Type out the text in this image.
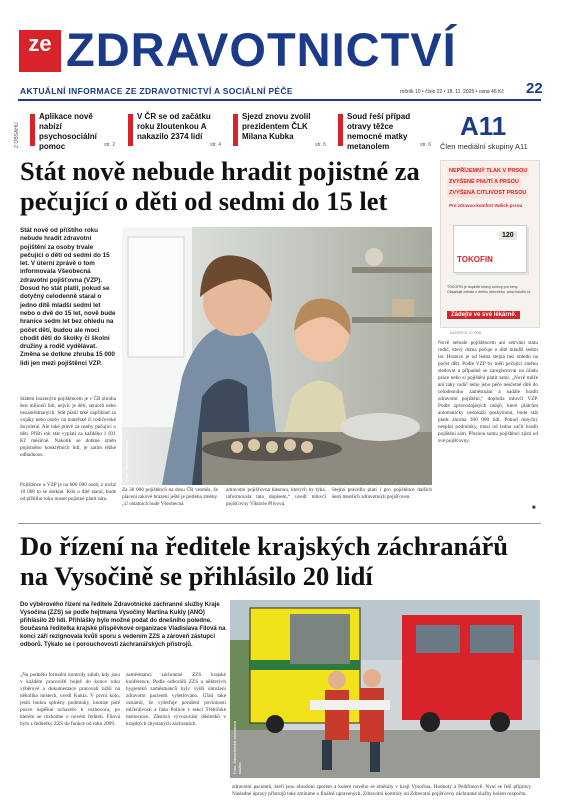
ze ZDRAVOTNICTVÍ
AKTUÁLNÍ INFORMACE ZE ZDRAVOTNICTVÍ A SOCIÁLNÍ PÉČE	ročník 10 • číslo 22 • 18. 11. 2025 • cena 46 Kč 22
Z OBSAHU
Aplikace nově nabízí psychosociální pomoc	str. 2
V ČR se od začátku roku žloutenkou A nakazilo 2374 lidí
str. 4
Sjezd znovu zvolil prezidentem ČLK Milana Kubka
str. 5
Soud řeší případ otravy těžce nemocné matky metanolem	str. 6
A11
Člen mediální skupiny A11
Stát nově nebude hradit pojistné za pečující o děti od sedmi do 15 let

Stát nově od příštího roku nebude hradit zdravotní pojištění za osoby trvale pečující o děti od sedmi do 15 let. V úterní zprávě o tom informovala Všeobecná zdravotní pojišťovna (VZP). Dosud ho stát platil, pokud se dotyčný celodenně staral o jedno dítě mladší sedmi let nebo o dvě do 15 let, nově bude hranice sedm let bez ohledu na počet dětí, budou ale moci chodit děti do školky či školní družiny a rodič vydělávat. Změna se dotkne zhruba 15 000 lidí jen mezi pojištěnci VZP.

Foto: Shutterstock.com

Státem hrazeným pojištěncem je v ČR zhruba šest milionů lidí, nejvíc je dětí, seniorů nebo nezaměstnaných. Stát platil také například za vojáky nebo osoby na mateřské či rodičovské dovolené. Ale také právě za osoby pečující o děti. Příští rok stát vyplatí za každého 1 831 Kč měsíčně. Nakolik se dotkne změn pojistného konkrétních lidí, je zatím těžké odhadnout.

Pojištěnce u VZP je na 600 000 osob, z nichž 10 000 to se dotkne. Kdo o dítě staral, bude od příštího roku muset pojistné platit sám.

Za 30 000 pojištěnců na dosu ČR vesměs, že placení takové hrazeni ještě je potřeba změny. „U ostatních bude Všeobecná

zdravotní pojišťovna klesnou, kterých by týká, informovala tato dopisem,“ uvedl mluvčí pojišťovny Viktorie Plívová.

Stejná pravidla platí i pro pojištěnce dalších šesti menších zdravotních pojišťoven.

Nově nebude pojištěncem ani setrvání státu rodič, který doma pečuje o dítě mladší sedmi let. Hranice je od ledna stejná bez ohledu na počet dětí. Podle VZP by měli pečující změnu sledovat a případně se zaregistrovat na úřadu práce nebo si pojištění platit sami. „Nově může ani taky rodič nebo jeho péče nesčetné dítě do celodenního zaměstnání a nadále hradit zdravotní pojištění,“ doplnila mluvčí VZP. Podle zpravodajských údajů, které plátcům automaticky nedokáží poskytnout, bude stát platit zhruba 300 000 lidí. Pokud dotyčný nesplní podmínky, musí od ledna začít hradit pojištění sám. Přesnou sumu pojištěnci zjistí od své pojišťovny.

■
NEPŘÍJEMNÝ TLAK V PRSOU
ZVÝŠENÉ PNUTÍ A PRSOU
ZVÝŠENÁ CITLIVOST PRSOU
Pro zdravou komfort Vašich prsou
120
TOKOFIN
TOKOFIN je doplněk stravy určený pro ženy. Obsahuje extrakt z drmku obecného. www.tokofin.cz
Zádejte ve své lékárně.
INZERCE 22 008
Do řízení na ředitele krajských záchranářů na Vysočině se přihlásilo 20 lidí

Do výběrového řízení na ředitele Zdravotnické záchranné služby Kraje Vysočina (ZZS) se podle hejtmana Vysočiny Martina Kukly (ANO) přihlásilo 20 lidí. Přihlášky bylo možné podat do dnešního poledne. Současná ředitelka krajské příspěvkové organizace Vladislava Filová na konci září rezignovala kvůli sporu s vedením ZZS a zároveň zástupci odborů. Týkalo se i porouchovostí záchranářských přístrojů.

Foto: Zdravotnická záchranná služba

„Na podnětu formální kontroly záloh, kdy jsou v každém pracovišti hojně do konce roku výběrové a dokumentace pracovali nižší na několika místech, uvedl Kukla. V první kolo, jestli budou splněny podmínky, komise poté pozve úspěšné uchazeče k rozhovoru, po kterém se rozhodne o novém řediteli. Filová bylo z ředitelky ZZS do funkce od roku 2009.

zaměstnanci záchranné ZZS krajské konference. Podle odborářů ZZS a některých hygieniků zaměstnanců byly vyšší ohrožení zdravotní pacientů vyšetřováno. Úřad také oznámil, že vyšetřuje porušení povinnosti mlčenlivosti a řádu Policie v sekci Třebíčské nemocnice. Zůstává vyvozování důsledků v krajských chystaných záchranách.

zdravotní pacientů, kteří jsou ohroženi sporem a kolem nového se změnily v kraji Vysočina, Hodnoty a Pelhřimově. Nyní se řeší přípravy. Následné úpravy přístrojů také zmíníme u finálně upravených. Zdravotní kontroly od Zdravotní pojišťovny záchranné služby kolem rozpočtu.
